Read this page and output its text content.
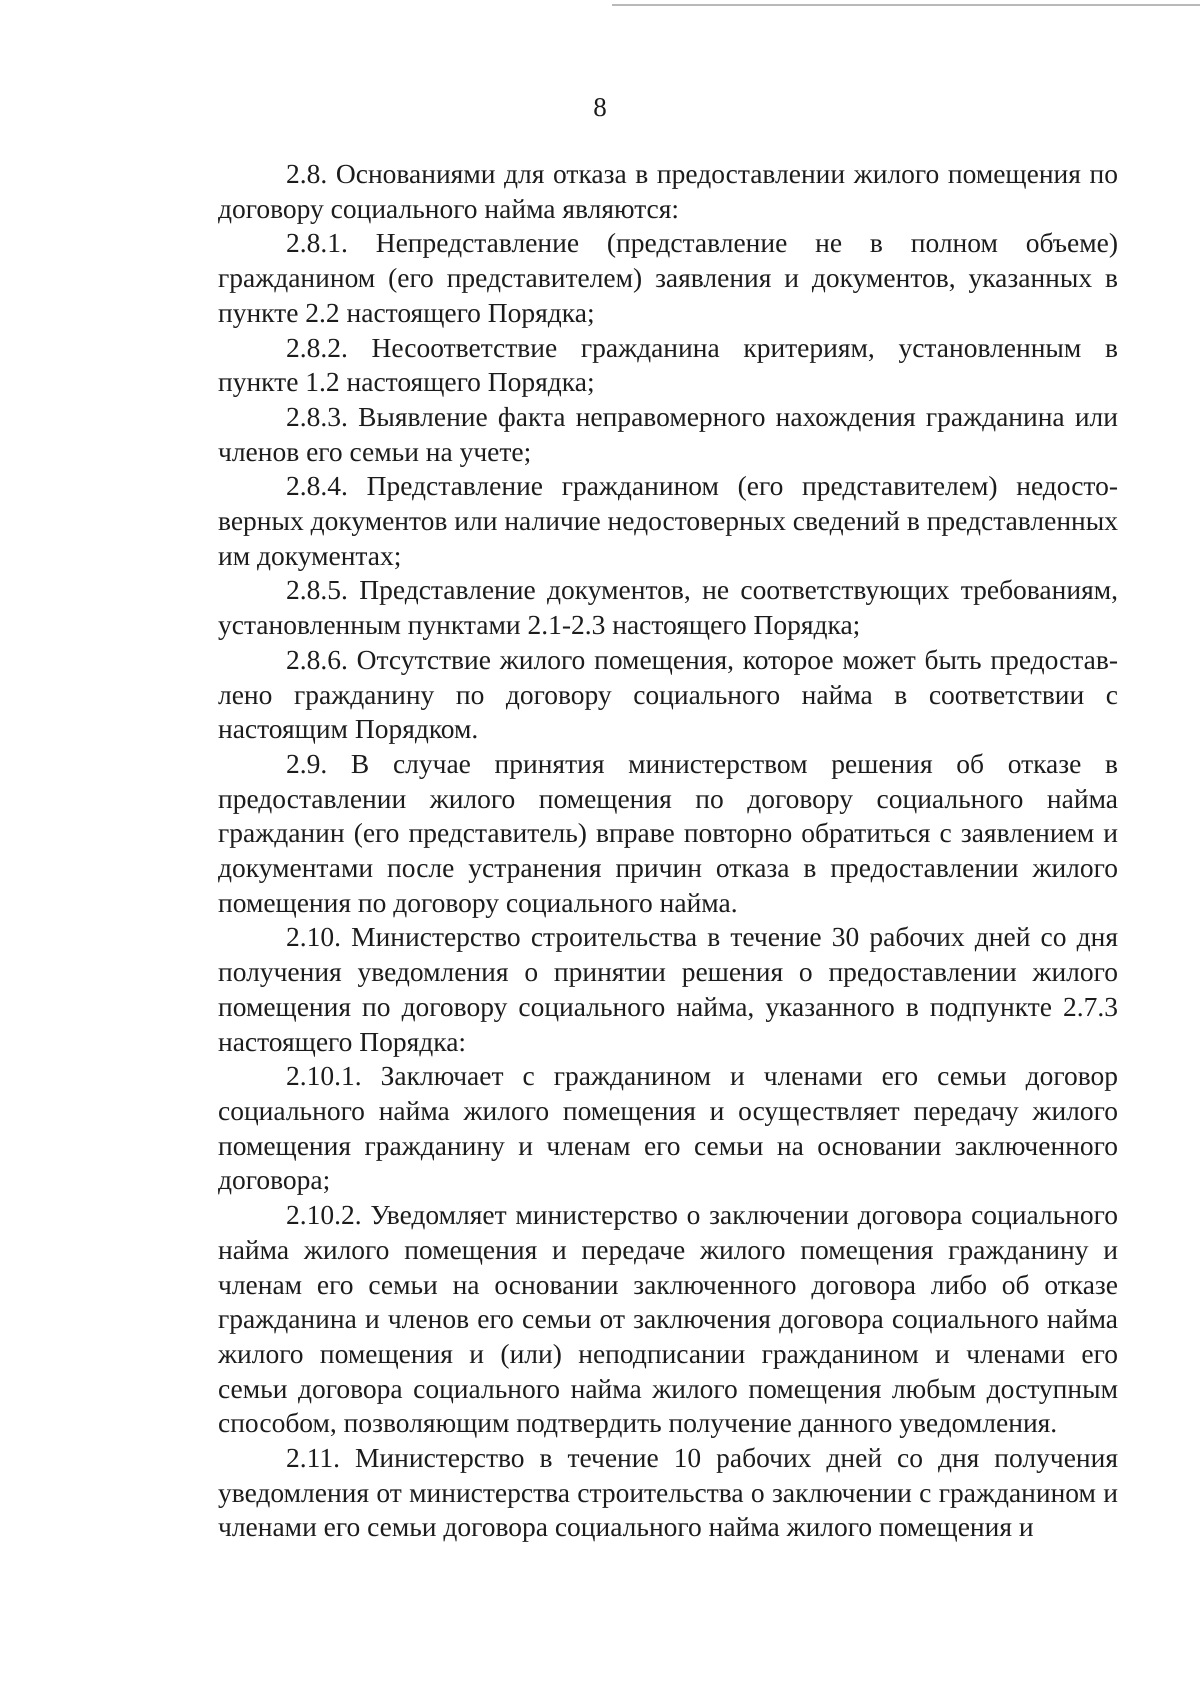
8

2.8. Основаниями для отказа в предоставлении жилого помещения по договору социального найма являются:

2.8.1. Непредставление (представление не в полном объеме) гражданином (его представителем) заявления и документов, указанных в пункте 2.2 настоящего Порядка;

2.8.2. Несоответствие гражданина критериям, установленным в пункте 1.2 настоящего Порядка;

2.8.3. Выявление факта неправомерного нахождения гражданина или членов его семьи на учете;

2.8.4. Представление гражданином (его представителем) недосто-верных документов или наличие недостоверных сведений в представленных им документах;

2.8.5. Представление документов, не соответствующих требованиям, установленным пунктами 2.1-2.3 настоящего Порядка;

2.8.6. Отсутствие жилого помещения, которое может быть предостав-лено гражданину по договору социального найма в соответствии с настоящим Порядком.

2.9. В случае принятия министерством решения об отказе в предоставлении жилого помещения по договору социального найма гражданин (его представитель) вправе повторно обратиться с заявлением и документами после устранения причин отказа в предоставлении жилого помещения по договору социального найма.

2.10. Министерство строительства в течение 30 рабочих дней со дня получения уведомления о принятии решения о предоставлении жилого помещения по договору социального найма, указанного в подпункте 2.7.3 настоящего Порядка:

2.10.1. Заключает с гражданином и членами его семьи договор социального найма жилого помещения и осуществляет передачу жилого помещения гражданину и членам его семьи на основании заключенного договора;

2.10.2. Уведомляет министерство о заключении договора социального найма жилого помещения и передаче жилого помещения гражданину и членам его семьи на основании заключенного договора либо об отказе гражданина и членов его семьи от заключения договора социального найма жилого помещения и (или) неподписании гражданином и членами его семьи договора социального найма жилого помещения любым доступным способом, позволяющим подтвердить получение данного уведомления.

2.11. Министерство в течение 10 рабочих дней со дня получения уведомления от министерства строительства о заключении с гражданином и членами его семьи договора социального найма жилого помещения и
